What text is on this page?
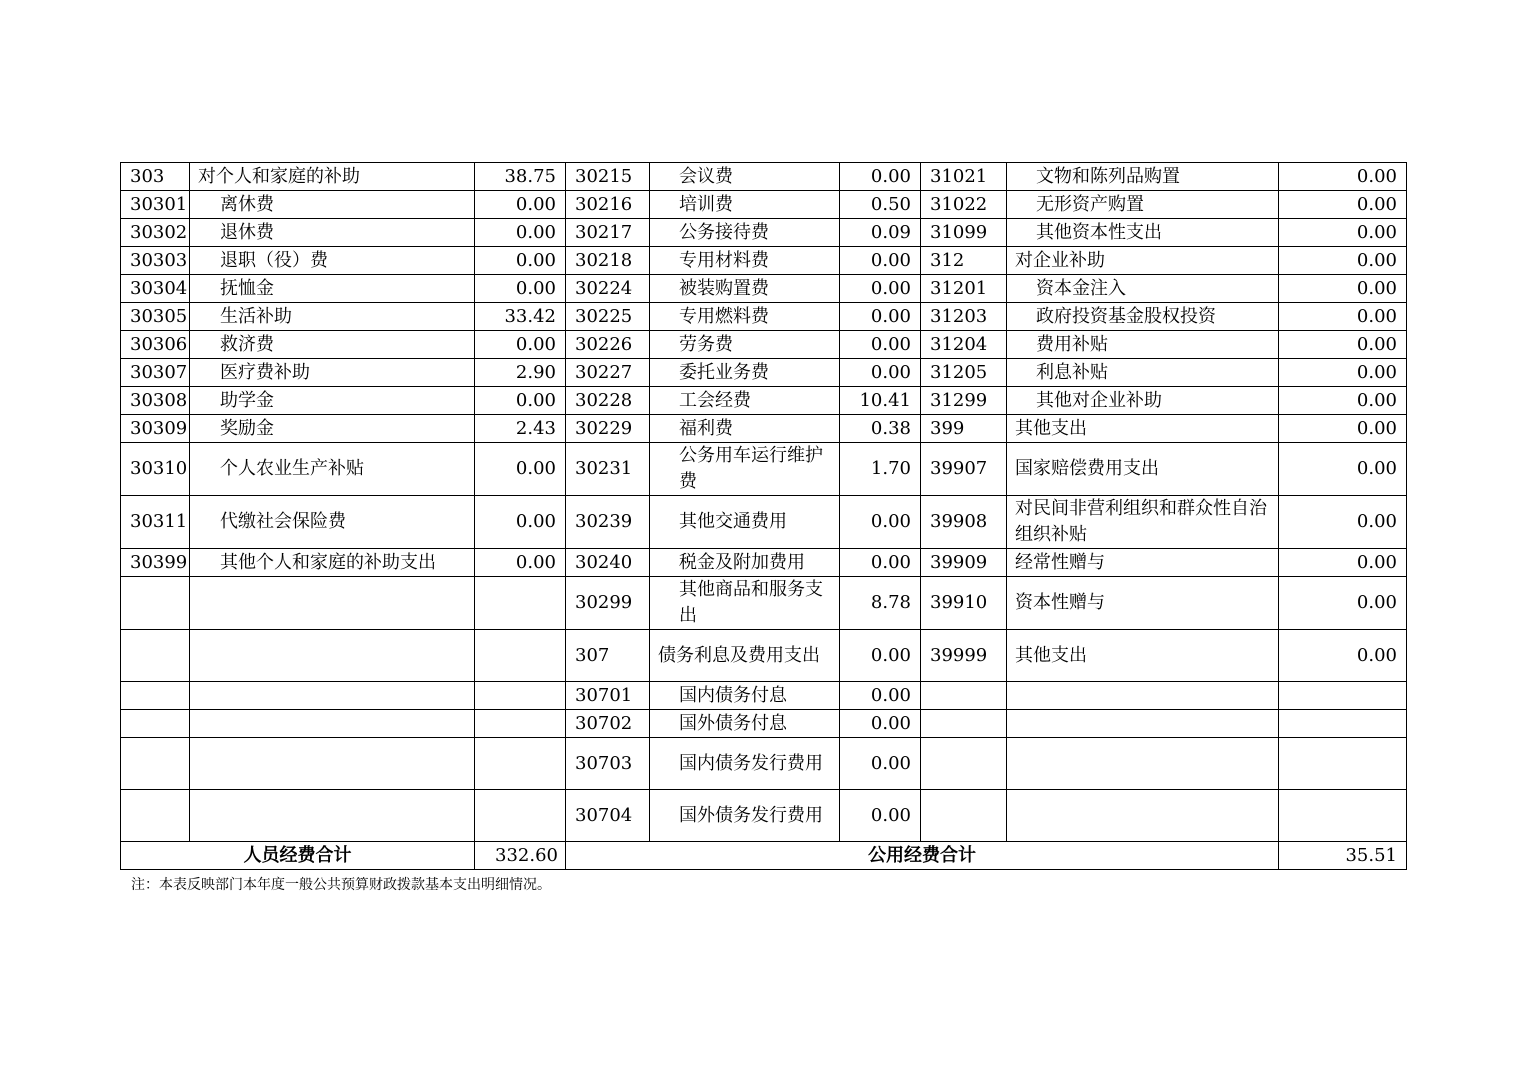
303	对个人和家庭的补助	38.75	30215	会议费	0.00	31021	文物和陈列品购置	0.00
30301	离休费	0.00	30216	培训费	0.50	31022	无形资产购置	0.00
30302	退休费	0.00	30217	公务接待费	0.09	31099	其他资本性支出	0.00
30303	退职（役）费	0.00	30218	专用材料费	0.00	312	对企业补助	0.00
30304	抚恤金	0.00	30224	被装购置费	0.00	31201	资本金注入	0.00
30305	生活补助	33.42	30225	专用燃料费	0.00	31203	政府投资基金股权投资	0.00
30306	救济费	0.00	30226	劳务费	0.00	31204	费用补贴	0.00
30307	医疗费补助	2.90	30227	委托业务费	0.00	31205	利息补贴	0.00
30308	助学金	0.00	30228	工会经费	10.41	31299	其他对企业补助	0.00
30309	奖励金	2.43	30229	福利费	0.38	399	其他支出	0.00
30310	个人农业生产补贴	0.00	30231	公务用车运行维护费	1.70	39907	国家赔偿费用支出	0.00
30311	代缴社会保险费	0.00	30239	其他交通费用	0.00	39908	对民间非营利组织和群众性自治组织补贴	0.00
30399	其他个人和家庭的补助支出	0.00	30240	税金及附加费用	0.00	39909	经常性赠与	0.00
			30299	其他商品和服务支出	8.78	39910	资本性赠与	0.00
			307	债务利息及费用支出	0.00	39999	其他支出	0.00
			30701	国内债务付息	0.00			
			30702	国外债务付息	0.00			
			30703	国内债务发行费用	0.00			
			30704	国外债务发行费用	0.00			
人员经费合计		332.60	公用经费合计					35.51
注：本表反映部门本年度一般公共预算财政拨款基本支出明细情况。
